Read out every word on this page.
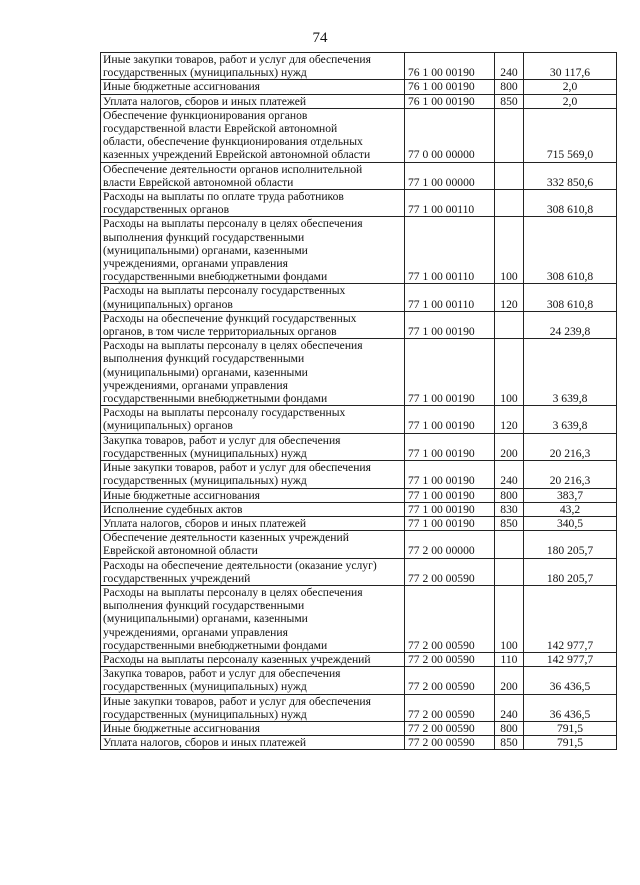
74
Иные закупки товаров, работ и услуг для обеспечения
государственных (муниципальных) нужд	76 1 00 00190	240	30 117,6
Иные бюджетные ассигнования	76 1 00 00190	800	2,0
Уплата налогов, сборов и иных платежей	76 1 00 00190	850	2,0
Обеспечение функционирования органов
государственной власти Еврейской автономной
области, обеспечение функционирования отдельных
казенных учреждений Еврейской автономной области	77 0 00 00000		715 569,0
Обеспечение деятельности органов исполнительной
власти Еврейской автономной области	77 1 00 00000		332 850,6
Расходы на выплаты по оплате труда работников
государственных органов	77 1 00 00110		308 610,8
Расходы на выплаты персоналу в целях обеспечения
выполнения функций государственными
(муниципальными) органами, казенными
учреждениями, органами управления
государственными внебюджетными фондами	77 1 00 00110	100	308 610,8
Расходы на выплаты персоналу государственных
(муниципальных) органов	77 1 00 00110	120	308 610,8
Расходы на обеспечение функций государственных
органов, в том числе территориальных органов	77 1 00 00190		24 239,8
Расходы на выплаты персоналу в целях обеспечения
выполнения функций государственными
(муниципальными) органами, казенными
учреждениями, органами управления
государственными внебюджетными фондами	77 1 00 00190	100	3 639,8
Расходы на выплаты персоналу государственных
(муниципальных) органов	77 1 00 00190	120	3 639,8
Закупка товаров, работ и услуг для обеспечения
государственных (муниципальных) нужд	77 1 00 00190	200	20 216,3
Иные закупки товаров, работ и услуг для обеспечения
государственных (муниципальных) нужд	77 1 00 00190	240	20 216,3
Иные бюджетные ассигнования	77 1 00 00190	800	383,7
Исполнение судебных актов	77 1 00 00190	830	43,2
Уплата налогов, сборов и иных платежей	77 1 00 00190	850	340,5
Обеспечение деятельности казенных учреждений
Еврейской автономной области	77 2 00 00000		180 205,7
Расходы на обеспечение деятельности (оказание услуг)
государственных учреждений	77 2 00 00590		180 205,7
Расходы на выплаты персоналу в целях обеспечения
выполнения функций государственными
(муниципальными) органами, казенными
учреждениями, органами управления
государственными внебюджетными фондами	77 2 00 00590	100	142 977,7
Расходы на выплаты персоналу казенных учреждений	77 2 00 00590	110	142 977,7
Закупка товаров, работ и услуг для обеспечения
государственных (муниципальных) нужд	77 2 00 00590	200	36 436,5
Иные закупки товаров, работ и услуг для обеспечения
государственных (муниципальных) нужд	77 2 00 00590	240	36 436,5
Иные бюджетные ассигнования	77 2 00 00590	800	791,5
Уплата налогов, сборов и иных платежей	77 2 00 00590	850	791,5
